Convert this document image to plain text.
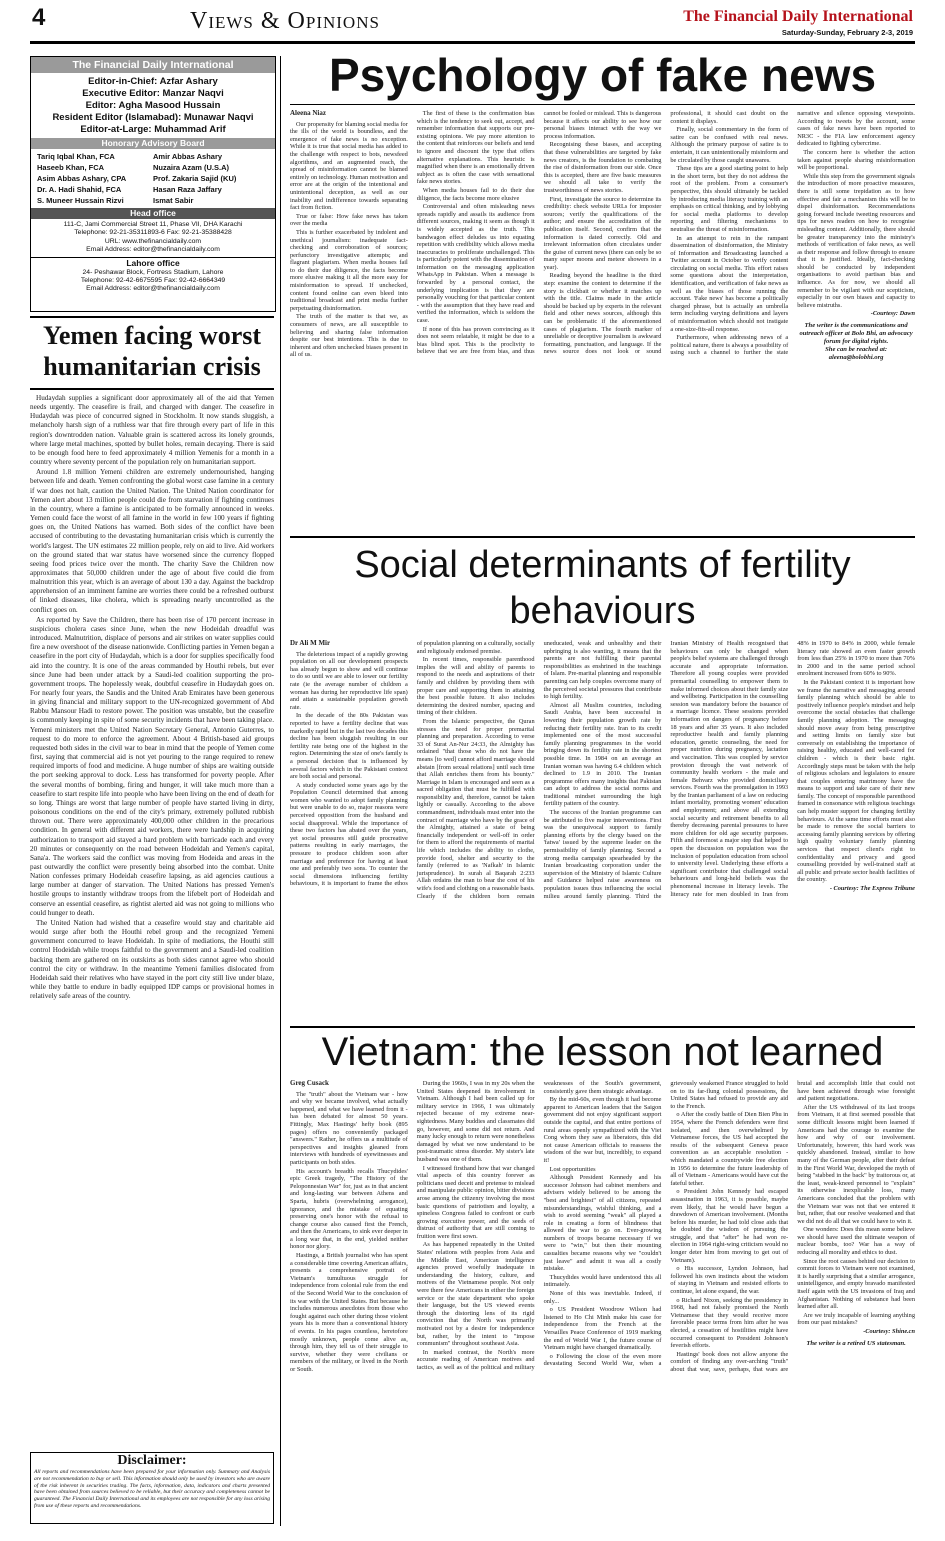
4	Views & Opinions	The Financial Daily International
Saturday-Sunday, February 2-3, 2019
The Financial Daily International
Editor-in-Chief: Azfar Ashary
Executive Editor: Manzar Naqvi
Editor: Agha Masood Hussain
Resident Editor (Islamabad): Munawar Naqvi
Editor-at-Large: Muhammad Arif
Honorary Advisory Board
Tariq Iqbal Khan, FCA	Amir Abbas Ashary
Haseeb Khan, FCA	Nuzaira Azam (U.S.A)
Asim Abbas Ashary, CPA	Prof. Zakaria Sajid (KU)
Dr. A. Hadi Shahid, FCA	Hasan Raza Jaffary
S. Muneer Hussain Rizvi	Ismat Sabir
Head office
111-C, Jami Commercial Street 11, Phase VII, DHA Karachi
Telephone: 92-21-35311893-6 Fax: 92-21-35388428
URL: www.thefinancialdaily.com
Email Address: editor@thefinancialdaily.com
Lahore office
24- Peshawar Block, Fortress Stadium, Lahore
Telephone: 92-42-6675595 Fax: 92-42-6664349
Email Address: editor@thefinancialdaily.com
Yemen facing worst humanitarian crisis

Hudaydah supplies a significant door approximately all of the aid that Yemen needs urgently. The ceasefire is frail, and charged with danger. The ceasefire in Hudaydah was piece of concurred signed in Stockholm. It now stands sluggish, a melancholy harsh sign of a ruthless war that fire through every part of life in this region's downtrodden nation. Valuable grain is scattered across its lonely grounds, where large metal machines, spotted by bullet holes, remain decaying. There is said to be enough food here to feed approximately 4 million Yemenis for a month in a country where seventy percent of the population rely on humanitarian support.

Around 1.8 million Yemeni children are extremely undernourished, hanging between life and death. Yemen confronting the global worst case famine in a century if war does not halt, caution the United Nation. The United Nation coordinator for Yemen alert about 13 million people could die from starvation if fighting continues in the country, where a famine is anticipated to be formally announced in weeks. Yemen could face the worst of all famine in the world in few 100 years if fighting goes on, the United Nations has warned. Both sides of the conflict have been accused of contributing to the devastating humanitarian crisis which is currently the world's largest. The UN estimates 22 million people, rely on aid to live. Aid workers on the ground stated that war status have worsened since the currency flopped seeing food prices twice over the month. The charity Save the Children now approximates that 50,000 children under the age of about five could die from malnutrition this year, which is an average of about 130 a day. Against the backdrop apprehension of an imminent famine are worries there could be a refreshed outburst of linked diseases, like cholera, which is spreading nearly uncontrolled as the conflict goes on.

As reported by Save the Children, there has been rise of 170 percent increase in suspicious cholera cases since June, when the new Hodeidah dreadful was introduced. Malnutrition, displace of persons and air strikes on water supplies could fire a new overshoot of the disease nationwide. Conflicting parties in Yemen began a ceasefire in the port city of Hudaydah, which is a door for supplies specifically food aid into the country. It is one of the areas commanded by Houthi rebels, but ever since June had been under attack by a Saudi-led coalition supporting the pro-government troops. The hopelessly weak, doubtful ceasefire in Hudaydah goes on. For nearly four years, the Saudis and the United Arab Emirates have been generous in giving financial and military support to the UN-recognized government of Abd Rabbu Mansour Hadi to restore power. The position was unstable, but the ceasefire is commonly keeping in spite of some security incidents that have been taking place. Yemeni ministers met the United Nation Secretary General, Antonio Guterres, to request to do more to enforce the agreement. About 4 British-based aid groups requested both sides in the civil war to bear in mind that the people of Yemen come first, saying that commercial aid is not yet pouring to the range required to renew required imports of food and medicine. A huge number of ships are waiting outside the port seeking approval to dock. Less has transformed for poverty people. After the several months of bombing, firing and hunger, it will take much more than a ceasefire to start respite life into people who have been living on the end of death for so long. Things are worst that large number of people have started living in dirty, poisonous conditions on the end of the city's primary, extremely polluted rubbish thrown out. There were approximately 400,000 other children in the precarious condition. In general with different aid workers, there were hardship in acquiring authorization to transport aid stayed a hard problem with barricade each and every 20 minutes or consequently on the road between Hodeidah and Yemen's capital, Sana'a. The workers said the conflict was moving from Hodeida and areas in the past outwardly the conflict were presently being absorbed into the combat. Unite Nation confesses primary Hodeidah ceasefire lapsing, as aid agencies cautious a large number at danger of starvation. The United Nations has pressed Yemen's hostile groups to instantly withdraw troops from the lifebelt port of Hodeidah and conserve an essential ceasefire, as rightist alerted aid was not going to millions who could hunger to death.

The United Nation had wished that a ceasefire would stay and charitable aid would surge after both the Houthi rebel group and the recognized Yemeni government concurred to leave Hodeidah. In spite of mediations, the Houthi still control Hodeidah while troops faithful to the government and a Saudi-led coalition backing them are gathered on its outskirts as both sides cannot agree who should control the city or withdraw. In the meantime Yemeni families dislocated from Hodeidah said their relatives who have stayed in the port city still live under blaze, while they battle to endure in badly equipped IDP camps or provisional homes in relatively safe areas of the country.

Disclaimer:
All reports and recommendations have been prepared for your information only. Summary and Analysis are not recommendation to buy or sell. This information should only be used by investors who are aware of the risk inherent in securities trading. The facts, information, data, indicators and charts presented have been obtained from sources believed to be reliable, but their accuracy and completeness cannot be guaranteed. The Financial Daily International and its employees are not responsible for any loss arising from use of these reports and recommendations.
Psychology of fake news
Aleena Niaz

Our propensity for blaming social media for the ills of the world is boundless, and the emergence of fake news is no exception. While it is true that social media has added to the challenge with respect to bots, newsfeed algorithms, and an augmented reach, the spread of misinformation cannot be blamed entirely on technology. Human motivation and error are at the origin of the intentional and unintentional deception, as well as our inability and indifference towards separating fact from fiction.

True or false: How fake news has taken over the media

This is further exacerbated by indolent and unethical journalism: inadequate fact-checking and corroboration of sources; perfunctory investigative attempts; and flagrant plagiarism. When media houses fail to do their due diligence, the facts become more elusive making it all the more easy for misinformation to spread. If unchecked, content found online can even bleed into traditional broadcast and print media further perpetuating disinformation.

The truth of the matter is that we, as consumers of news, are all susceptible to believing and sharing false information despite our best intentions. This is due to inherent and often unchecked biases present in all of us.

The first of these is the confirmation bias which is the tendency to seek out, accept, and remember information that supports our pre-existing opinions. We pay more attention to the content that reinforces our beliefs and tend to ignore and discount the type that offers alternative explanations. This heuristic is magnified when there is an emotionally driven subject as is often the case with sensational fake news stories.

When media houses fail to do their due diligence, the facts become more elusive

Controversial and often misleading news spreads rapidly and assails its audience from different sources, making it seem as though it is widely accepted as the truth. This bandwagon effect deludes us into equating repetition with credibility which allows media inaccuracies to proliferate unchallenged. This is particularly potent with the dissemination of information on the messaging application WhatsApp in Pakistan. When a message is forwarded by a personal contact, the underlying implication is that they are personally vouching for that particular content - with the assumption that they have read and verified the information, which is seldom the case.

If none of this has proven convincing as it does not seem relatable, it might be due to a bias blind spot. This is the proclivity to believe that we are free from bias, and thus cannot be fooled or mislead. This is dangerous because it affects our ability to see how our personal biases interact with the way we process information.

Recognising these biases, and accepting that these vulnerabilities are targeted by fake news creators, is the foundation to combating the rise of disinformation from our side. Once this is accepted, there are five basic measures we should all take to verify the trustworthiness of news stories.

First, investigate the source to determine its credibility: check website URLs for imposter sources; verify the qualifications of the author; and ensure the accreditation of the publication itself. Second, confirm that the information is dated correctly. Old and irrelevant information often circulates under the guise of current news (there can only be so many super moons and meteor showers in a year).

Reading beyond the headline is the third step: examine the content to determine if the story is clickbait or whether it matches up with the title. Claims made in the article should be backed up by experts in the relevant field and other news sources, although this can be problematic if the aforementioned cases of plagiarism. The fourth marker of unreliable or deceptive journalism is awkward formatting, punctuation, and language. If the news source does not look or sound professional, it should cast doubt on the content it displays.

Finally, social commentary in the form of satire can be confused with real news. Although the primary purpose of satire is to entertain, it can unintentionally misinform and be circulated by those caught unawares.

These tips are a good starting point to help in the short term, but they do not address the root of the problem. From a consumer's perspective, this should ultimately be tackled by introducing media literacy training with an emphasis on critical thinking, and by lobbying for social media platforms to develop reporting and filtering mechanisms to neutralise the threat of misinformation.

In an attempt to rein in the rampant dissemination of disinformation, the Ministry of Information and Broadcasting launched a Twitter account in October to verify content circulating on social media. This effort raises some questions about the interpretation, identification, and verification of fake news as well as the biases of those running the account. 'Fake news' has become a politically charged phrase, but is actually an umbrella term including varying definitions and layers of misinformation which should not instigate a one-size-fits-all response.

Furthermore, when addressing news of a political nature, there is always a possibility of using such a channel to further the state narrative and silence opposing viewpoints. According to tweets by the account, some cases of fake news have been reported to NR3C - the FIA law enforcement agency dedicated to fighting cybercrime.

The concern here is whether the action taken against people sharing misinformation will be proportional.

While this step from the government signals the introduction of more proactive measures, there is still some trepidation as to how effective and fair a mechanism this will be to dispel disinformation. Recommendations going forward include tweeting resources and tips for news readers on how to recognise misleading content. Additionally, there should be greater transparency into the ministry's methods of verification of fake news, as well as their response and follow through to ensure that it is justified. Ideally, fact-checking should be conducted by independent organisations to avoid partisan bias and influence. As for now, we should all remember to be vigilant with our scepticism, especially in our own biases and capacity to believe mistruths.

-Courtesy: Dawn
The writer is the communications and outreach officer at Bolo Bhi, an advocacy forum for digital rights.
She can be reached at: aleena@bolobhi.org
Social determinants of fertility behaviours
Dr Ali M Mir

The deleterious impact of a rapidly growing population on all our development prospects has already begun to show and will continue to do so until we are able to lower our fertility rate (ie the average number of children a woman has during her reproductive life span) and attain a sustainable population growth rate.

In the decade of the 80s Pakistan was reported to have a fertility decline that was markedly rapid but in the last two decades this decline has been sluggish resulting in our fertility rate being one of the highest in the region. Determining the size of one's family is a personal decision that is influenced by several factors which in the Pakistani context are both social and personal.

A study conducted some years ago by the Population Council determined that among women who wanted to adopt family planning but were unable to do so, major reasons were perceived opposition from the husband and social disapproval. While the importance of these two factors has abated over the years, yet social pressures still guide procreative patterns resulting in early marriages, the pressure to produce children soon after marriage and preference for having at least one and preferably two sons. To counter the social dimensions influencing fertility behaviours, it is important to frame the ethos of population planning on a culturally, socially and religiously endorsed premise.

In recent times, responsible parenthood implies the will and ability of parents to respond to the needs and aspirations of their family and children by providing them with proper care and supporting them in attaining the best possible future. It also includes determining the desired number, spacing and timing of their children.

From the Islamic perspective, the Quran stresses the need for proper premarital planning and preparation. According to verse 33 of Surat An-Nur 24:33, the Almighty has ordained "that those who do not have the means [to wed] cannot afford marriage should abstain [from sexual relations] until such time that Allah enriches them from his bounty." Marriage in Islam is encouraged and seen as a sacred obligation that must be fulfilled with responsibility and, therefore, cannot be taken lightly or casually. According to the above commandment, individuals must enter into the contract of marriage who have by the grace of the Almighty, attained a state of being financially independent or well-off in order for them to afford the requirements of marital life which includes the ability to clothe, provide food, shelter and security to the family (referred to as 'Nafkah' in Islamic jurisprudence). In surah al Baqarah 2:233 Allah ordains the man to bear the cost of his wife's food and clothing on a reasonable basis. Clearly if the children born remain uneducated, weak and unhealthy and their upbringing is also wanting, it means that the parents are not fulfilling their parental responsibilities as enshrined in the teachings of Islam. Pre-marital planning and responsible parenting can help couples overcome many of the perceived societal pressures that contribute to high fertility.

Almost all Muslim countries, including Saudi Arabia, have been successful in lowering their population growth rate by reducing their fertility rate. Iran to its credit implemented one of the most successful family planning programmes in the world bringing down its fertility rate in the shortest possible time. In 1984 on an average an Iranian woman was having 6.4 children which declined to 1.9 in 2010. The Iranian programme offers many insights that Pakistan can adopt to address the social norms and traditional mindset surrounding the high fertility pattern of the country.

The success of the Iranian programme can be attributed to five major interventions. First was the unequivocal support to family planning efforts by the clergy based on the 'fatwa' issued by the supreme leader on the permissibility of family planning. Second a strong media campaign spearheaded by the Iranian broadcasting corporation under the supervision of the Ministry of Islamic Culture and Guidance helped raise awareness on population issues thus influencing the social milieu around family planning. Third the Iranian Ministry of Health recognised that behaviours can only be changed when people's belief systems are challenged through accurate and appropriate information. Therefore all young couples were provided premarital counselling to empower them to make informed choices about their family size and wellbeing. Participation in the counselling session was mandatory before the issuance of a marriage licence. These sessions provided information on dangers of pregnancy before 18 years and after 35 years. It also included reproductive health and family planning education, genetic counseling, the need for proper nutrition during pregnancy, lactation and vaccination. This was coupled by service provision through the vast network of community health workers - the male and female Behvarz who provided domiciliary services. Fourth was the promulgation in 1993 by the Iranian parliament of a law on reducing infant mortality, promoting women' education and employment; and above all extending social security and retirement benefits to all thereby decreasing parental pressures to have more children for old age security purposes. Fifth and foremost a major step that helped to open the discussion on population was the inclusion of population education from school to university level. Underlying these efforts a significant contributor that challenged social behaviours and long-held beliefs was the phenomenal increase in literacy levels. The literacy rate for men doubled in Iran from 48% in 1970 to 84% in 2000, while female literacy rate showed an even faster growth from less than 25% in 1970 to more than 70% in 2000 and in the same period school enrolment increased from 60% to 90%.

In the Pakistani context it is important how we frame the narrative and messaging around family planning which should be able to positively influence people's mindset and help overcome the social obstacles that challenge family planning adoption. The messaging should move away from being prescriptive and setting limits on family size but conversely on establishing the importance of raising healthy, educated and well-cared for children - which is their basic right. Accordingly steps must be taken with the help of religious scholars and legislators to ensure that couples entering matrimony have the means to support and take care of their new family. The concept of responsible parenthood framed in consonance with religious teachings can help muster support for changing fertility behaviours. At the same time efforts must also be made to remove the social barriers to accessing family planning services by offering high quality voluntary family planning services that respect client's right to confidentiality and privacy and good counselling provided by well-trained staff at all public and private sector health facilities of the country.

- Courtesy: The Express Tribune
Vietnam: the lesson not learned
Greg Cusack

The "truth" about the Vietnam war - how and why we became involved, what actually happened, and what we have learned from it - has been debated for almost 50 years. Fittingly, Max Hastings' hefty book (895 pages) offers no conveniently packaged "answers." Rather, he offers us a multitude of perspectives and insights gleaned from interviews with hundreds of eyewitnesses and participants on both sides.

His account's breadth recalls Thucydides' epic Greek tragedy, "The History of the Peloponnesian War" for, just as in that ancient and long-lasting war between Athens and Sparta, hubris (overwhelming arrogance), ignorance, and the mistake of equating preserving one's honor with the refusal to change course also caused first the French, and then the Americans, to sink ever deeper in a long war that, in the end, yielded neither honor nor glory.

Hastings, a British journalist who has spent a considerable time covering American affairs, presents a comprehensive portrait of Vietnam's tumultuous struggle for independence from colonial rule from the end of the Second World War to the conclusion of its war with the United States. But because he includes numerous anecdotes from those who fought against each other during those violent years his is more than a conventional history of events. In his pages countless, heretofore mostly unknown, people come alive as, through him, they tell us of their struggle to survive, whether they were civilians or members of the military, or lived in the North or South.

During the 1960s, I was in my 20s when the United States deepened its involvement in Vietnam. Although I had been called up for military service in 1966, I was ultimately rejected because of my extreme near-sightedness. Many buddies and classmates did go, however, and some did not return. And many lucky enough to return were nonetheless damaged by what we now understand to be post-traumatic stress disorder. My sister's late husband was one of them.

I witnessed firsthand how that war changed vital aspects of this country forever as politicians used deceit and pretense to mislead and manipulate public opinion, bitter divisions arose among the citizenry involving the most basic questions of patriotism and loyalty, a spineless Congress failed to confront or curb growing executive power, and the seeds of distrust of authority that are still coming to fruition were first sown.

As has happened repeatedly in the United States' relations with peoples from Asia and the Middle East, American intelligence agencies proved woefully inadequate in understanding the history, culture, and motives of the Vietnamese people. Not only were there few Americans in either the foreign service or the state department who spoke their language, but the US viewed events through the distorting lens of its rigid conviction that the North was primarily motivated not by a desire for independence but, rather, by the intent to "impose communism" throughout southeast Asia.

In marked contrast, the North's more accurate reading of American motives and tactics, as well as of the political and military weaknesses of the South's government, consistently gave them strategic advantage.

By the mid-60s, even though it had become apparent to American leaders that the Saigon government did not enjoy significant support outside the capital, and that entire portions of rural areas openly sympathized with the Viet Cong whom they saw as liberators, this did not cause American officials to reassess the wisdom of the war but, incredibly, to expand it!

Lost opportunities

Although President Kennedy and his successor Johnson had cabinet members and advisers widely believed to be among the "best and brightest" of all citizens, repeated misunderstandings, wishful thinking, and a wish to avoid seeming "weak" all played a role in creating a form of blindness that allowed the war to go on. Ever-growing numbers of troops became necessary if we were to "win," but then their mounting casualties became reasons why we "couldn't just leave" and admit it was all a costly mistake.

Thucydides would have understood this all intimately.

None of this was inevitable. Indeed, if only...

o US President Woodrow Wilson had listened to Ho Chi Minh make his case for independence from the French at the Versailles Peace Conference of 1919 marking the end of World War I, the future course of Vietnam might have changed dramatically.

o Following the close of the even more devastating Second World War, when a grievously weakened France struggled to hold on to its far-flung colonial possessions, the United States had refused to provide any aid to the French.

o After the costly battle of Dien Bien Phu in 1954, where the French defenders were first isolated, and then overwhelmed by Vietnamese forces, the US had accepted the results of the subsequent Geneva peace convention as an acceptable resolution - which mandated a countrywide free election in 1956 to determine the future leadership of all of Vietnam - Americans would have cut the fateful tether.

o President John Kennedy had escaped assassination in 1963, it is possible, maybe even likely, that he would have begun a drawdown of American involvement. (Months before his murder, he had told close aids that he doubted the wisdom of pursuing the struggle, and that "after" he had won re-election in 1964 right-wing criticism would no longer deter him from moving to get out of Vietnam).

o His successor, Lyndon Johnson, had followed his own instincts about the wisdom of staying in Vietnam and resisted efforts to continue, let alone expand, the war.

o Richard Nixon, seeking the presidency in 1968, had not falsely promised the North Vietnamese that they would receive more favorable peace terms from him after he was elected, a cessation of hostilities might have occurred consequent to President Johnson's feverish efforts.

Hastings' book does not allow anyone the comfort of finding any over-arching "truth" about that war, save, perhaps, that wars are brutal and accomplish little that could not have been achieved through wise foresight and patient negotiations.

After the US withdrawal of its last troops from Vietnam, it at first seemed possible that some difficult lessons might been learned if Americans had the courage to examine the how and why of our involvement. Unfortunately, however, this hard work was quickly abandoned. Instead, similar to how many of the German people, after their defeat in the First World War, developed the myth of being "stabbed in the back" by traitorous or, at the least, weak-kneed personnel to "explain" its otherwise inexplicable loss, many Americans concluded that the problem with the Vietnam war was not that we entered it but, rather, that our resolve weakened and that we did not do all that we could have to win it.

One wonders: Does this mean some believe we should have used the ultimate weapon of nuclear bombs, too? War has a way of reducing all morality and ethics to dust.

Since the root causes behind our decision to commit forces to Vietnam were not examined, it is hardly surprising that a similar arrogance, unintelligence, and empty bravado manifested itself again with the US invasions of Iraq and Afghanistan. Nothing of substance had been learned after all.

Are we truly incapable of learning anything from our past mistakes?

-Courtesy: Shine.cn
The writer is a retired US statesman.
